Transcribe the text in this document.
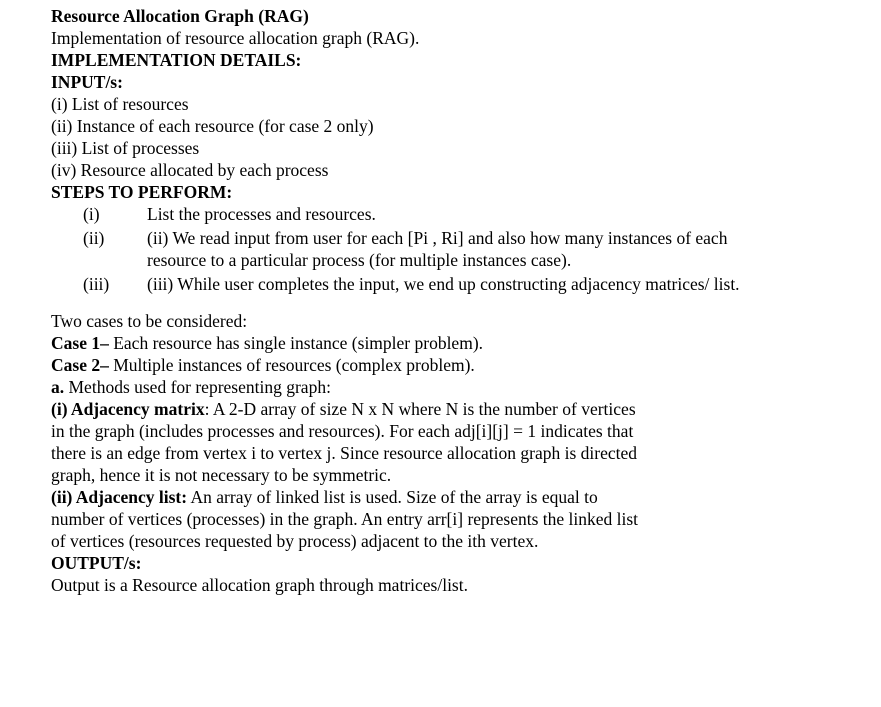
Resource Allocation Graph (RAG)
Implementation of resource allocation graph (RAG).
IMPLEMENTATION DETAILS:
INPUT/s:
(i) List of resources
(ii) Instance of each resource (for case 2 only)
(iii) List of processes
(iv) Resource allocated by each process
STEPS TO PERFORM:
(i)	List the processes and resources.
(ii)	(ii) We read input from user for each [Pi , Ri] and also how many instances of each
resource to a particular process (for multiple instances case).
(iii)	(iii) While user completes the input, we end up constructing adjacency matrices/ list.
Two cases to be considered:
Case 1– Each resource has single instance (simpler problem).
Case 2– Multiple instances of resources (complex problem).
a. Methods used for representing graph:
(i) Adjacency matrix: A 2-D array of size N x N where N is the number of vertices
in the graph (includes processes and resources). For each adj[i][j] = 1 indicates that
there is an edge from vertex i to vertex j. Since resource allocation graph is directed
graph, hence it is not necessary to be symmetric.
(ii) Adjacency list: An array of linked list is used. Size of the array is equal to
number of vertices (processes) in the graph. An entry arr[i] represents the linked list
of vertices (resources requested by process) adjacent to the ith vertex.
OUTPUT/s:
Output is a Resource allocation graph through matrices/list.
